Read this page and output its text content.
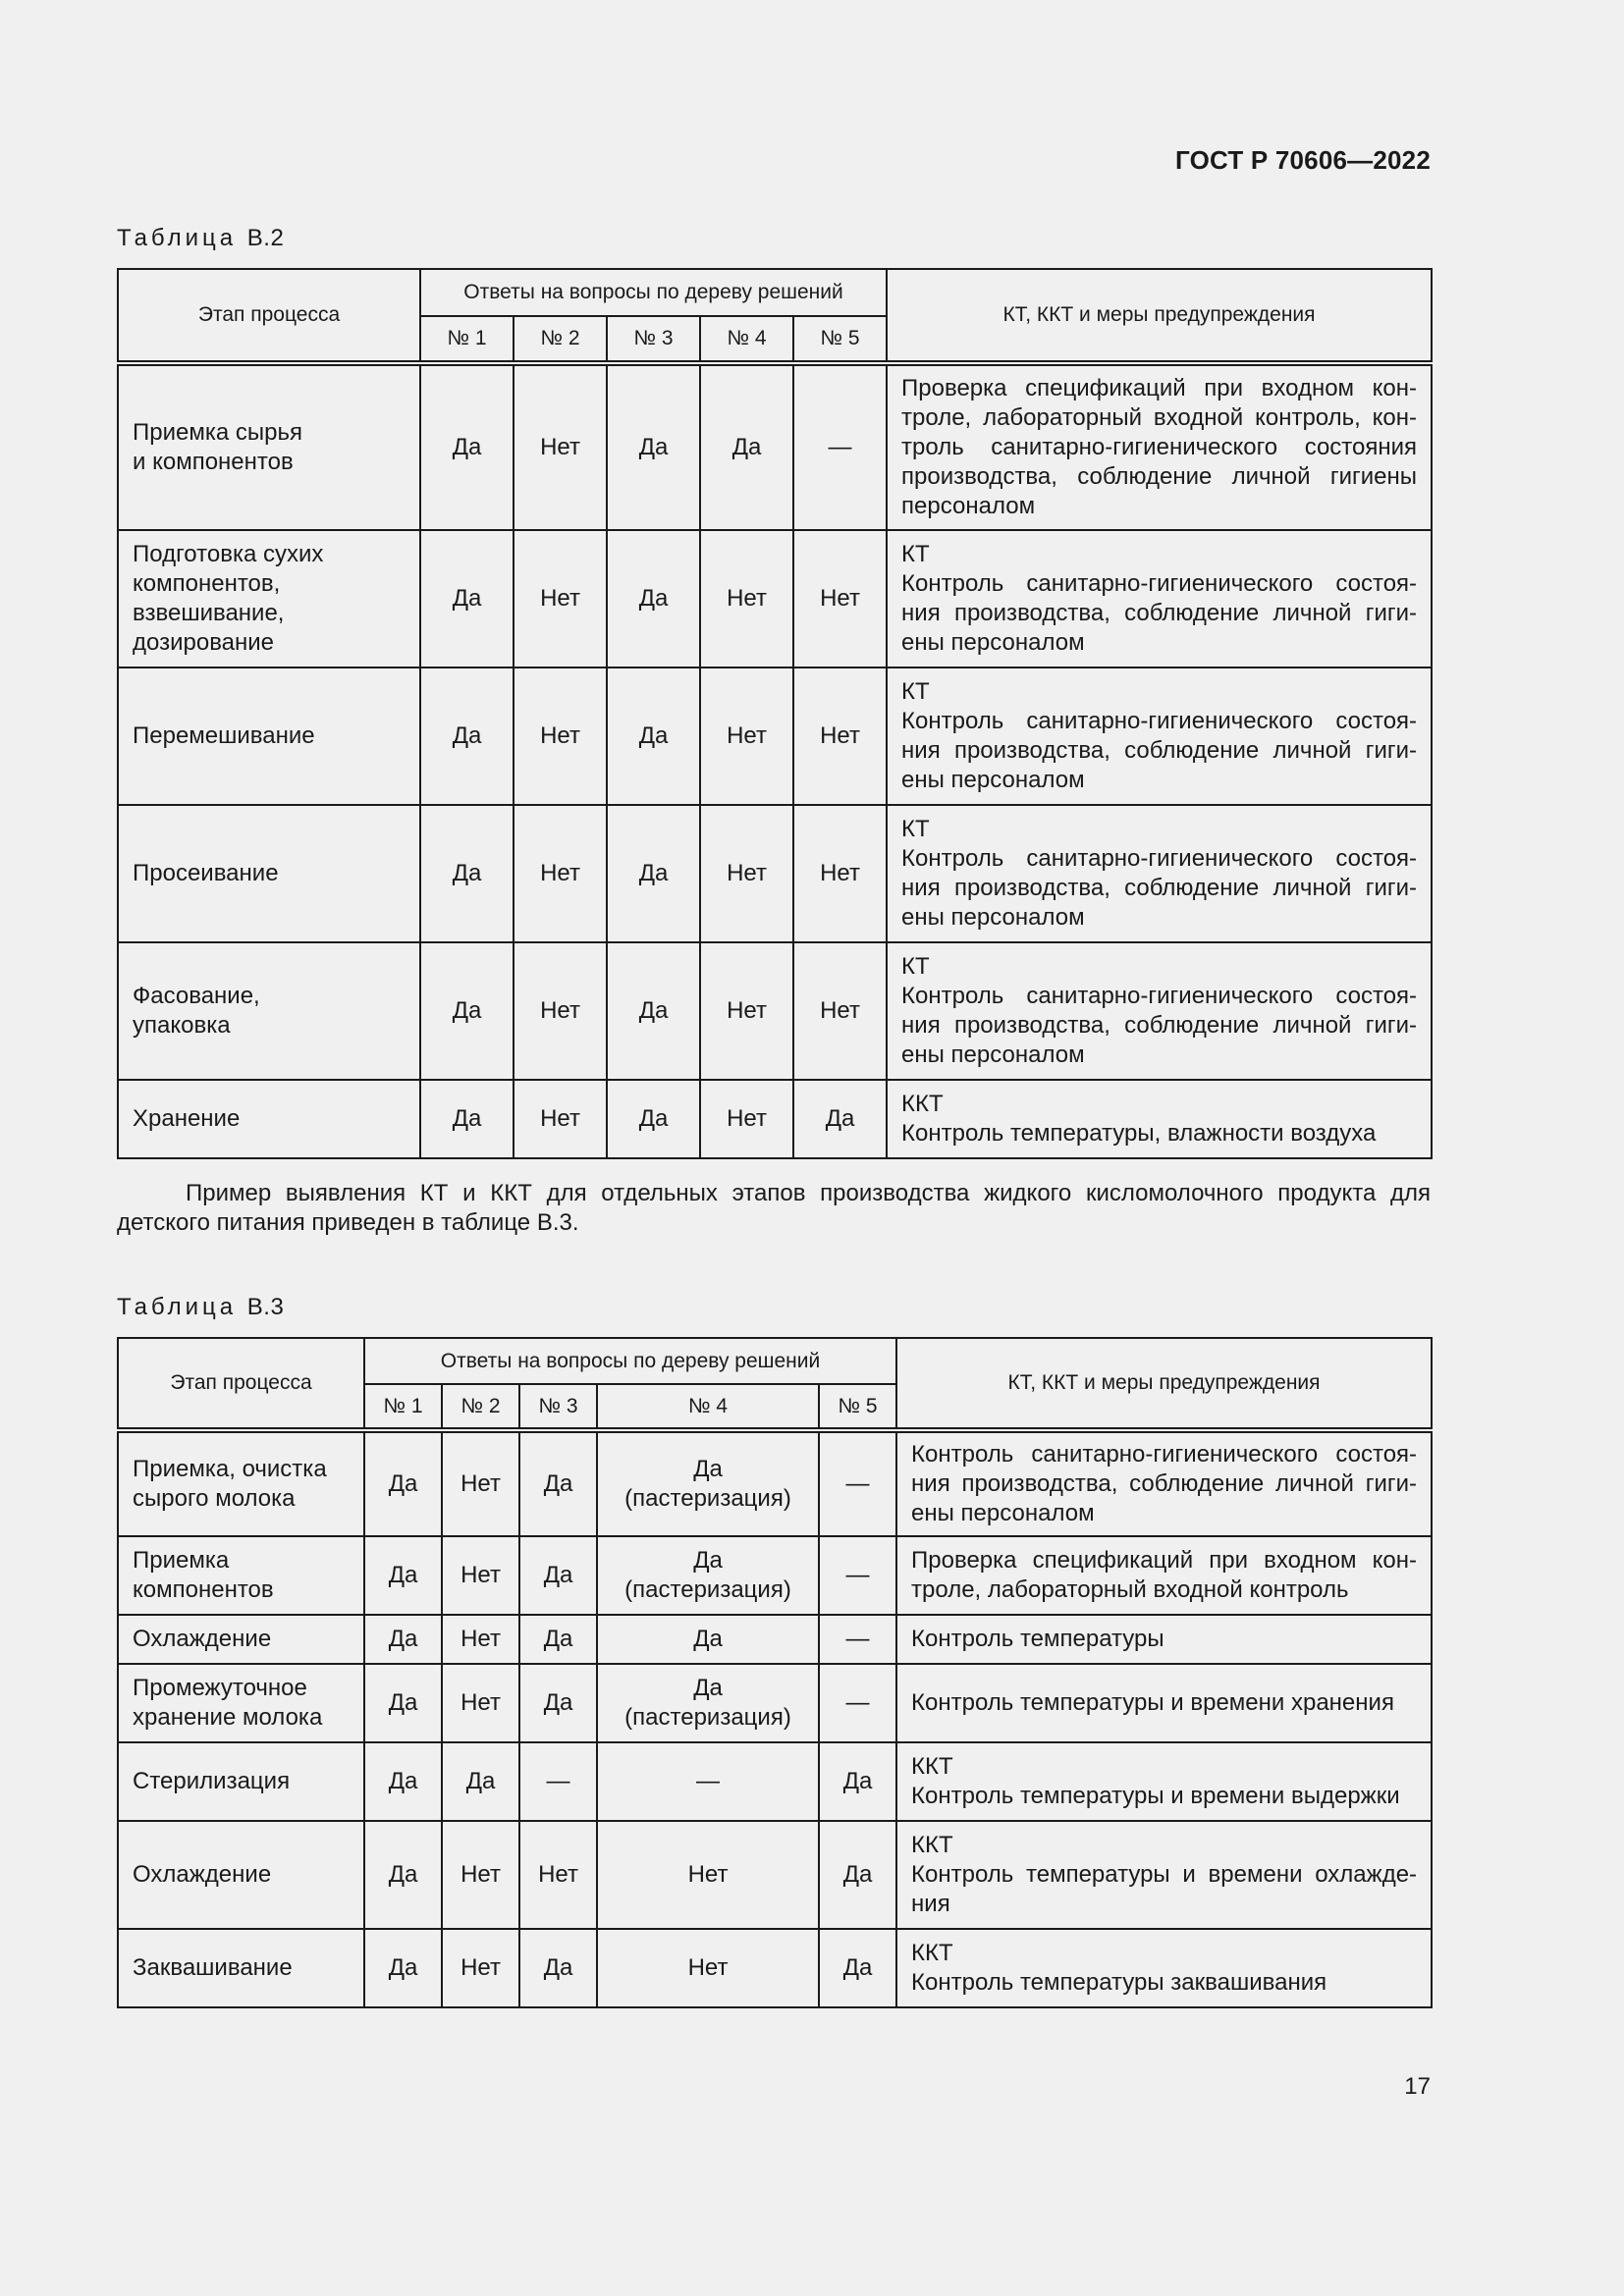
ГОСТ Р 70606—2022
Таблица В.2
Этап процесса	Ответы на вопросы по дереву решений					КТ, ККТ и меры предупреждения
	№ 1	№ 2	№ 3	№ 4	№ 5	

Приемка сырья
и компонентов	Да	Нет	Да	Да	—	Проверка спецификаций при входном кон-
троле, лабораторный входной контроль, кон-
троль санитарно-гигиенического состояния
производства, соблюдение личной гигиены
персоналом

Подготовка сухих
компонентов,
взвешивание,
дозирование	Да	Нет	Да	Нет	Нет	КТ
Контроль санитарно-гигиенического состоя-
ния производства, соблюдение личной гиги-
ены персоналом

Перемешивание	Да	Нет	Да	Нет	Нет	КТ
Контроль санитарно-гигиенического состоя-
ния производства, соблюдение личной гиги-
ены персоналом

Просеивание	Да	Нет	Да	Нет	Нет	КТ
Контроль санитарно-гигиенического состоя-
ния производства, соблюдение личной гиги-
ены персоналом

Фасование,
упаковка	Да	Нет	Да	Нет	Нет	КТ
Контроль санитарно-гигиенического состоя-
ния производства, соблюдение личной гиги-
ены персоналом

Хранение	Да	Нет	Да	Нет	Да	ККТ
Контроль температуры, влажности воздуха
Пример выявления КТ и ККТ для отдельных этапов производства жидкого кисломолочного продукта для детского питания приведен в таблице В.3.
Таблица В.3
Этап процесса	Ответы на вопросы по дереву решений					КТ, ККТ и меры предупреждения
	№ 1	№ 2	№ 3	№ 4	№ 5	

Приемка, очистка
сырого молока	Да	Нет	Да	Да
(пастеризация)	—	Контроль санитарно-гигиенического состоя-
ния производства, соблюдение личной гиги-
ены персоналом

Приемка
компонентов	Да	Нет	Да	Да
(пастеризация)	—	Проверка спецификаций при входном кон-
троле, лабораторный входной контроль

Охлаждение	Да	Нет	Да	Да	—	Контроль температуры

Промежуточное
хранение молока	Да	Нет	Да	Да
(пастеризация)	—	Контроль температуры и времени хранения

Стерилизация	Да	Да	—	—	Да	ККТ
Контроль температуры и времени выдержки

Охлаждение	Да	Нет	Нет	Нет	Да	ККТ
Контроль температуры и времени охлажде-
ния

Заквашивание	Да	Нет	Да	Нет	Да	ККТ
Контроль температуры заквашивания
17
